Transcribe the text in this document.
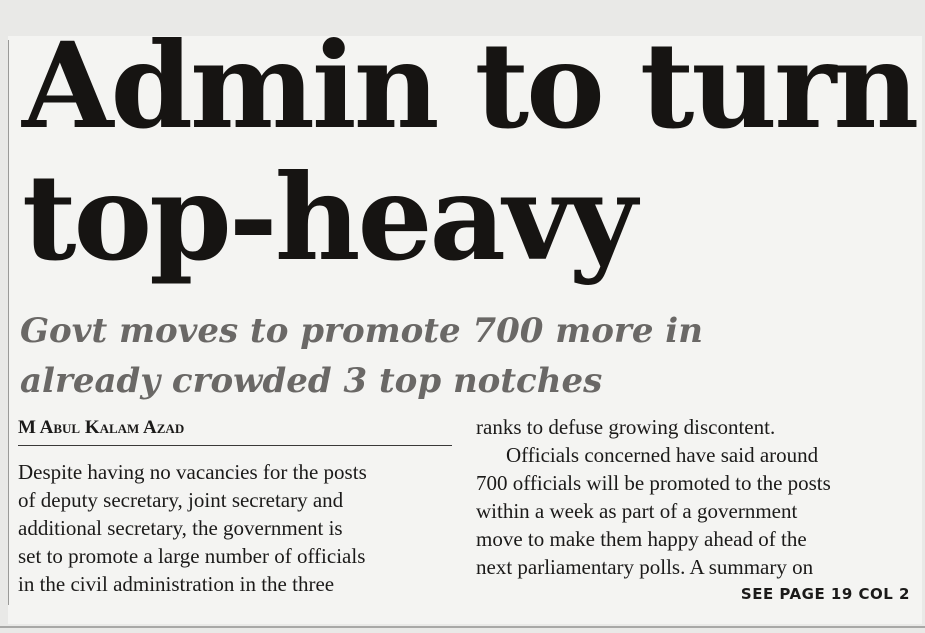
Admin to turn
top-heavy
Govt moves to promote 700 more in
already crowded 3 top notches
M Abul Kalam Azad

Despite having no vacancies for the posts

of deputy secretary, joint secretary and

additional secretary, the government is

set to promote a large number of officials

in the civil administration in the three

ranks to defuse growing discontent.

Officials concerned have said around

700 officials will be promoted to the posts

within a week as part of a government

move to make them happy ahead of the

next parliamentary polls. A summary on

SEE PAGE 19 COL 2
